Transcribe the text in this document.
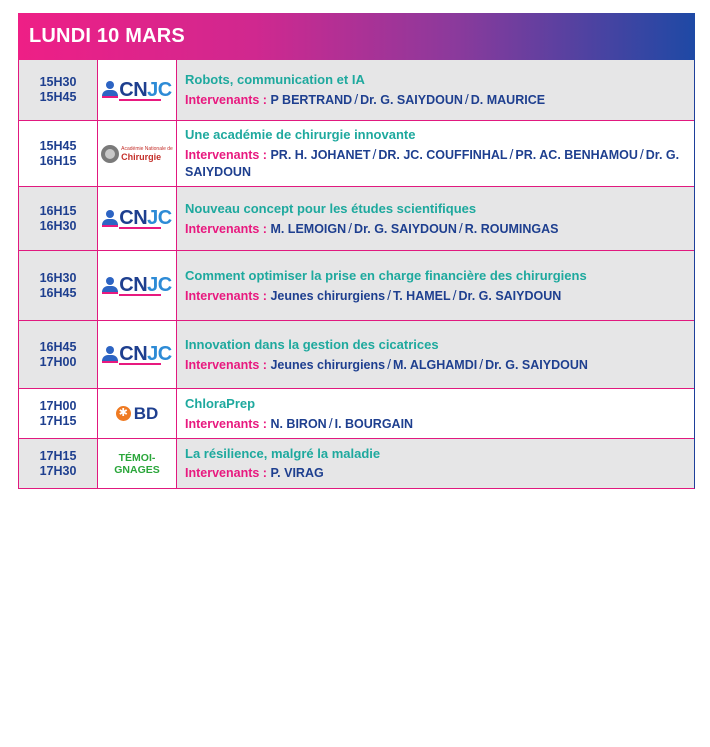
LUNDI 10 MARS
15H30
15H45 CNJC Robots, communication et IA
Intervenants : P BERTRAND / Dr. G. SAIYDOUN / D. MAURICE
15H45
16H15
Académie Nationale de
Chirurgie
Une académie de chirurgie innovante
Intervenants : PR. H. JOHANET / DR. JC. COUFFINHAL / PR. AC. BENHAMOU / Dr. G. SAIYDOUN
16H15
16H30 CNJC Nouveau concept pour les études scientifiques
Intervenants : M. LEMOIGN / Dr. G. SAIYDOUN / R. ROUMINGAS
16H30
16H45 CNJC Comment optimiser la prise en charge financière des chirurgiens
Intervenants : Jeunes chirurgiens / T. HAMEL / Dr. G. SAIYDOUN
16H45
17H00 CNJC Innovation dans la gestion des cicatrices
Intervenants : Jeunes chirurgiens / M. ALGHAMDI / Dr. G. SAIYDOUN
17H00
17H15
✱ BD
ChloraPrep
Intervenants : N. BIRON / I. BOURGAIN
17H15
17H30
TÉMOI-
GNAGES
La résilience, malgré la maladie
Intervenants : P. VIRAG
